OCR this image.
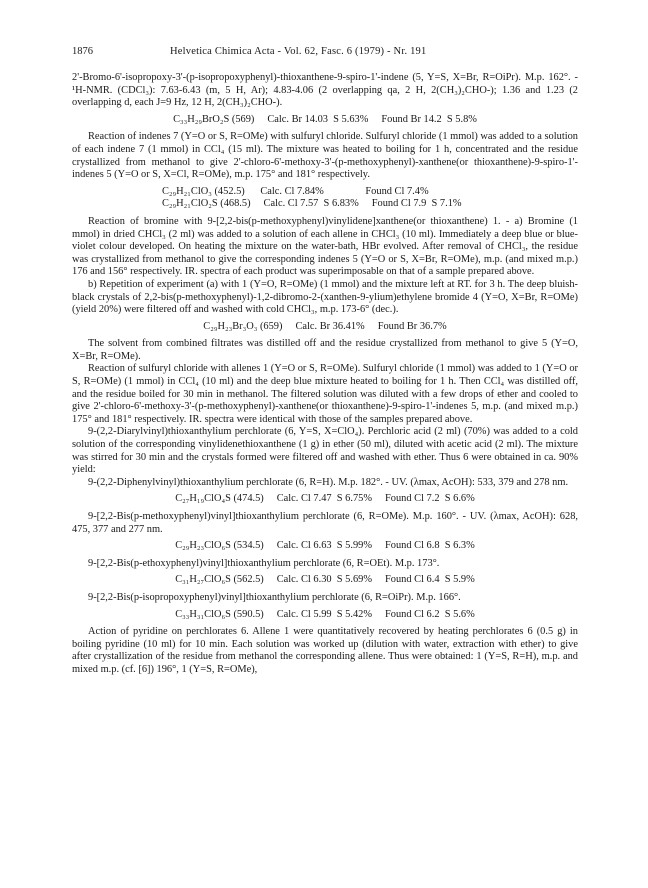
1876	Helvetica Chimica Acta - Vol. 62, Fasc. 6 (1979) - Nr. 191

2'-Bromo-6'-isopropoxy-3'-(p-isopropoxyphenyl)-thioxanthene-9-spiro-1'-indene (5, Y=S, X=Br, R=OiPr). M.p. 162°. - ¹H-NMR. (CDCl₃): 7.63-6.43 (m, 5 H, Ar); 4.83-4.06 (2 overlapping qa, 2 H, 2(CH₃)₂CHO-); 1.36 and 1.23 (2 overlapping d, each J=9 Hz, 12 H, 2(CH₃)₂CHO-).

C₃₃H₂₉BrO₂S (569)     Calc. Br 14.03  S 5.63%     Found Br 14.2  S 5.8%

Reaction of indenes 7 (Y=O or S, R=OMe) with sulfuryl chloride. Sulfuryl chloride (1 mmol) was added to a solution of each indene 7 (1 mmol) in CCl₄ (15 ml). The mixture was heated to boiling for 1 h, concentrated and the residue crystallized from methanol to give 2'-chloro-6'-methoxy-3'-(p-methoxyphenyl)-xanthene(or thioxanthene)-9-spiro-1'-indenes 5 (Y=O or S, X=Cl, R=OMe), m.p. 175° and 181° respectively.

C₂₉H₂₁ClO₃ (452.5)      Calc. Cl 7.84%                Found Cl 7.4%
C₂₉H₂₁ClO₂S (468.5)     Calc. Cl 7.57  S 6.83%     Found Cl 7.9  S 7.1%

Reaction of bromine with 9-[2,2-bis(p-methoxyphenyl)vinylidene]xanthene(or thioxanthene) 1. - a) Bromine (1 mmol) in dried CHCl₃ (2 ml) was added to a solution of each allene in CHCl₃ (10 ml). Immediately a deep blue or blue-violet colour developed. On heating the mixture on the water-bath, HBr evolved. After removal of CHCl₃, the residue was crystallized from methanol to give the corresponding indenes 5 (Y=O or S, X=Br, R=OMe), m.p. (and mixed m.p.) 176 and 156° respectively. IR. spectra of each product was superimposable on that of a sample prepared above.

b) Repetition of experiment (a) with 1 (Y=O, R=OMe) (1 mmol) and the mixture left at RT. for 3 h. The deep bluish-black crystals of 2,2-bis(p-methoxyphenyl)-1,2-dibromo-2-(xanthen-9-ylium)ethylene bromide 4 (Y=O, X=Br, R=OMe) (yield 20%) were filtered off and washed with cold CHCl₃, m.p. 173-6° (dec.).

C₂₉H₂₃Br₃O₃ (659)     Calc. Br 36.41%     Found Br 36.7%

The solvent from combined filtrates was distilled off and the residue crystallized from methanol to give 5 (Y=O, X=Br, R=OMe).

Reaction of sulfuryl chloride with allenes 1 (Y=O or S, R=OMe). Sulfuryl chloride (1 mmol) was added to 1 (Y=O or S, R=OMe) (1 mmol) in CCl₄ (10 ml) and the deep blue mixture heated to boiling for 1 h. Then CCl₄ was distilled off, and the residue boiled for 30 min in methanol. The filtered solution was diluted with a few drops of ether and cooled to give 2'-chloro-6'-methoxy-3'-(p-methoxyphenyl)-xanthene(or thioxanthene)-9-spiro-1'-indenes 5, m.p. (and mixed m.p.) 175° and 181° respectively. IR. spectra were identical with those of the samples prepared above.

9-(2,2-Diarylvinyl)thioxanthylium perchlorate (6, Y=S, X=ClO₄). Perchloric acid (2 ml) (70%) was added to a cold solution of the corresponding vinylidenethioxanthene (1 g) in ether (50 ml), diluted with acetic acid (2 ml). The mixture was stirred for 30 min and the crystals formed were filtered off and washed with ether. Thus 6 were obtained in ca. 90% yield:

9-(2,2-Diphenylvinyl)thioxanthylium perchlorate (6, R=H). M.p. 182°. - UV. (λmax, AcOH): 533, 379 and 278 nm.

C₂₇H₁₉ClO₄S (474.5)     Calc. Cl 7.47  S 6.75%     Found Cl 7.2  S 6.6%

9-[2,2-Bis(p-methoxyphenyl)vinyl]thioxanthylium perchlorate (6, R=OMe). M.p. 160°. - UV. (λmax, AcOH): 628, 475, 377 and 277 nm.

C₂₉H₂₃ClO₆S (534.5)     Calc. Cl 6.63  S 5.99%     Found Cl 6.8  S 6.3%

9-[2,2-Bis(p-ethoxyphenyl)vinyl]thioxanthylium perchlorate (6, R=OEt). M.p. 173°.

C₃₁H₂₇ClO₆S (562.5)     Calc. Cl 6.30  S 5.69%     Found Cl 6.4  S 5.9%

9-[2,2-Bis(p-isopropoxyphenyl)vinyl]thioxanthylium perchlorate (6, R=OiPr). M.p. 166°.

C₃₃H₃₁ClO₆S (590.5)     Calc. Cl 5.99  S 5.42%     Found Cl 6.2  S 5.6%

Action of pyridine on perchlorates 6. Allene 1 were quantitatively recovered by heating perchlorates 6 (0.5 g) in boiling pyridine (10 ml) for 10 min. Each solution was worked up (dilution with water, extraction with ether) to give after crystallization of the residue from methanol the corresponding allene. Thus were obtained: 1 (Y=S, R=H), m.p. and mixed m.p. (cf. [6]) 196°, 1 (Y=S, R=OMe),
